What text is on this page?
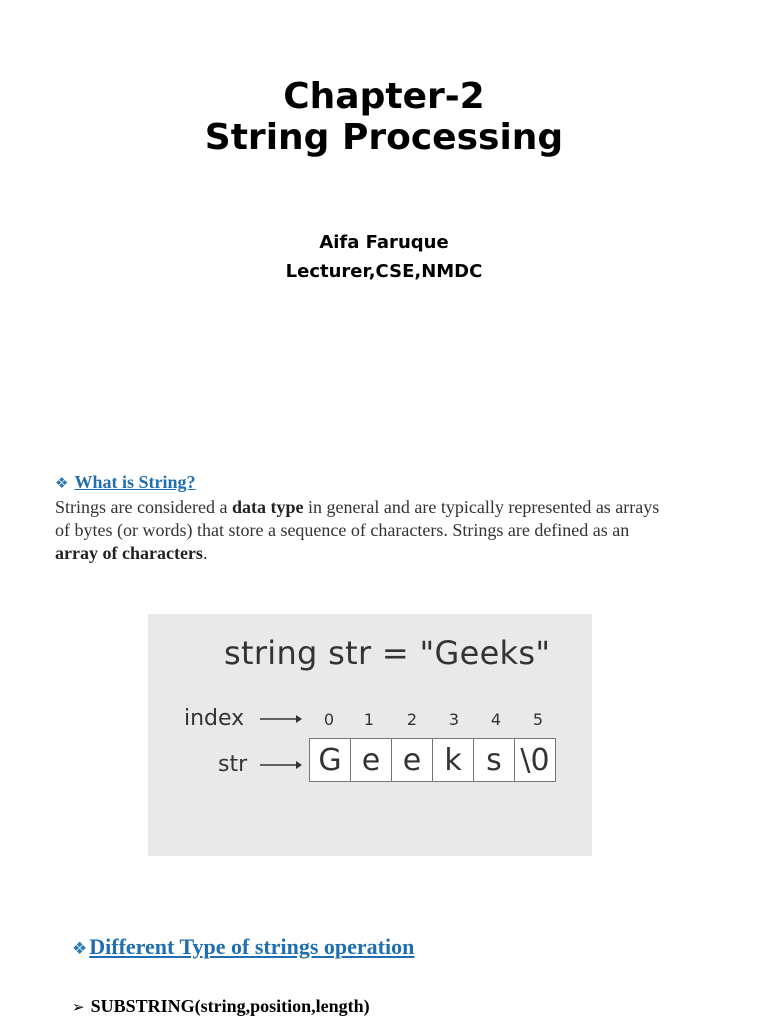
Chapter-2
String Processing
Aifa Faruque
Lecturer,CSE,NMDC
❖ What is String?
Strings are considered a data type in general and are typically represented as arrays of bytes (or words) that store a sequence of characters. Strings are defined as an array of characters.
string str = "Geeks"
index	0	1	2	3	4	5
str	G e e k s \0
❖Different Type of strings operation
➢ SUBSTRING(string,position,length)
